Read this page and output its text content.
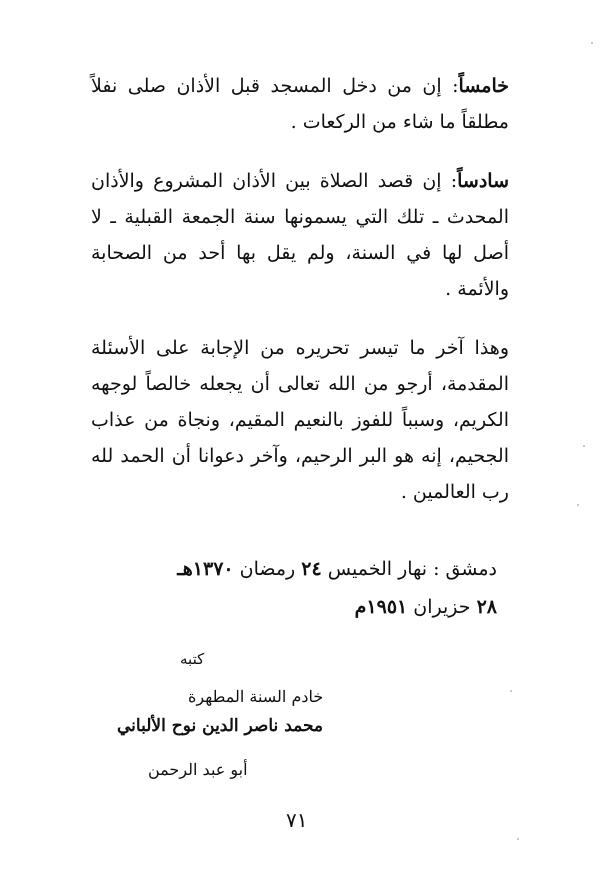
خامساً: إن من دخل المسجد قبل الأذان صلى نفلاً مطلقاً ما شاء من الركعات .

سادساً: إن قصد الصلاة بين الأذان المشروع والأذان المحدث ـ تلك التي يسمونها سنة الجمعة القبلية ـ لا أصل لها في السنة، ولم يقل بها أحد من الصحابة والأئمة .

وهذا آخر ما تيسر تحريره من الإجابة على الأسئلة المقدمة، أرجو من الله تعالى أن يجعله خالصاً لوجهه الكريم، وسبباً للفوز بالنعيم المقيم، ونجاة من عذاب الجحيم، إنه هو البر الرحيم، وآخر دعوانا أن الحمد لله رب العالمين .

دمشق : نهار الخميس ٢٤ رمضان ١٣٧٠هـ
٢٨ حزيران ١٩٥١م
كتبه
خادم السنة المطهرة
محمد ناصر الدين نوح الألباني
أبو عبد الرحمن
٧١
